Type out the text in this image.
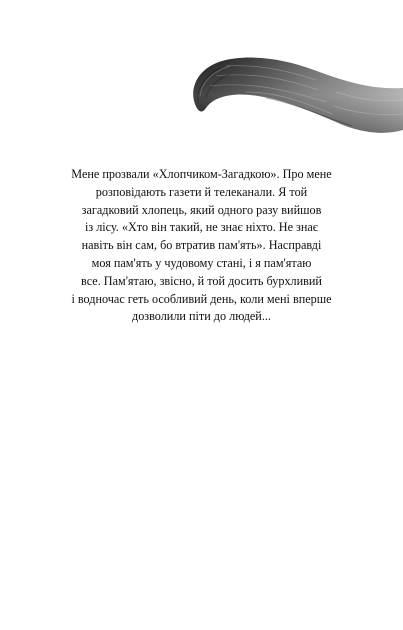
Мене прозвали «Хлопчиком-Загадкою». Про мене
розповідають газети й телеканали. Я той
загадковий хлопець, який одного разу вийшов
із лісу. «Хто він такий, не знає ніхто. Не знає
навіть він сам, бо втратив пам'ять». Насправді
моя пам'ять у чудовому стані, і я пам'ятаю
все. Пам'ятаю, звісно, й той досить бурхливий
і водночас геть особливий день, коли мені вперше
дозволили піти до людей...
